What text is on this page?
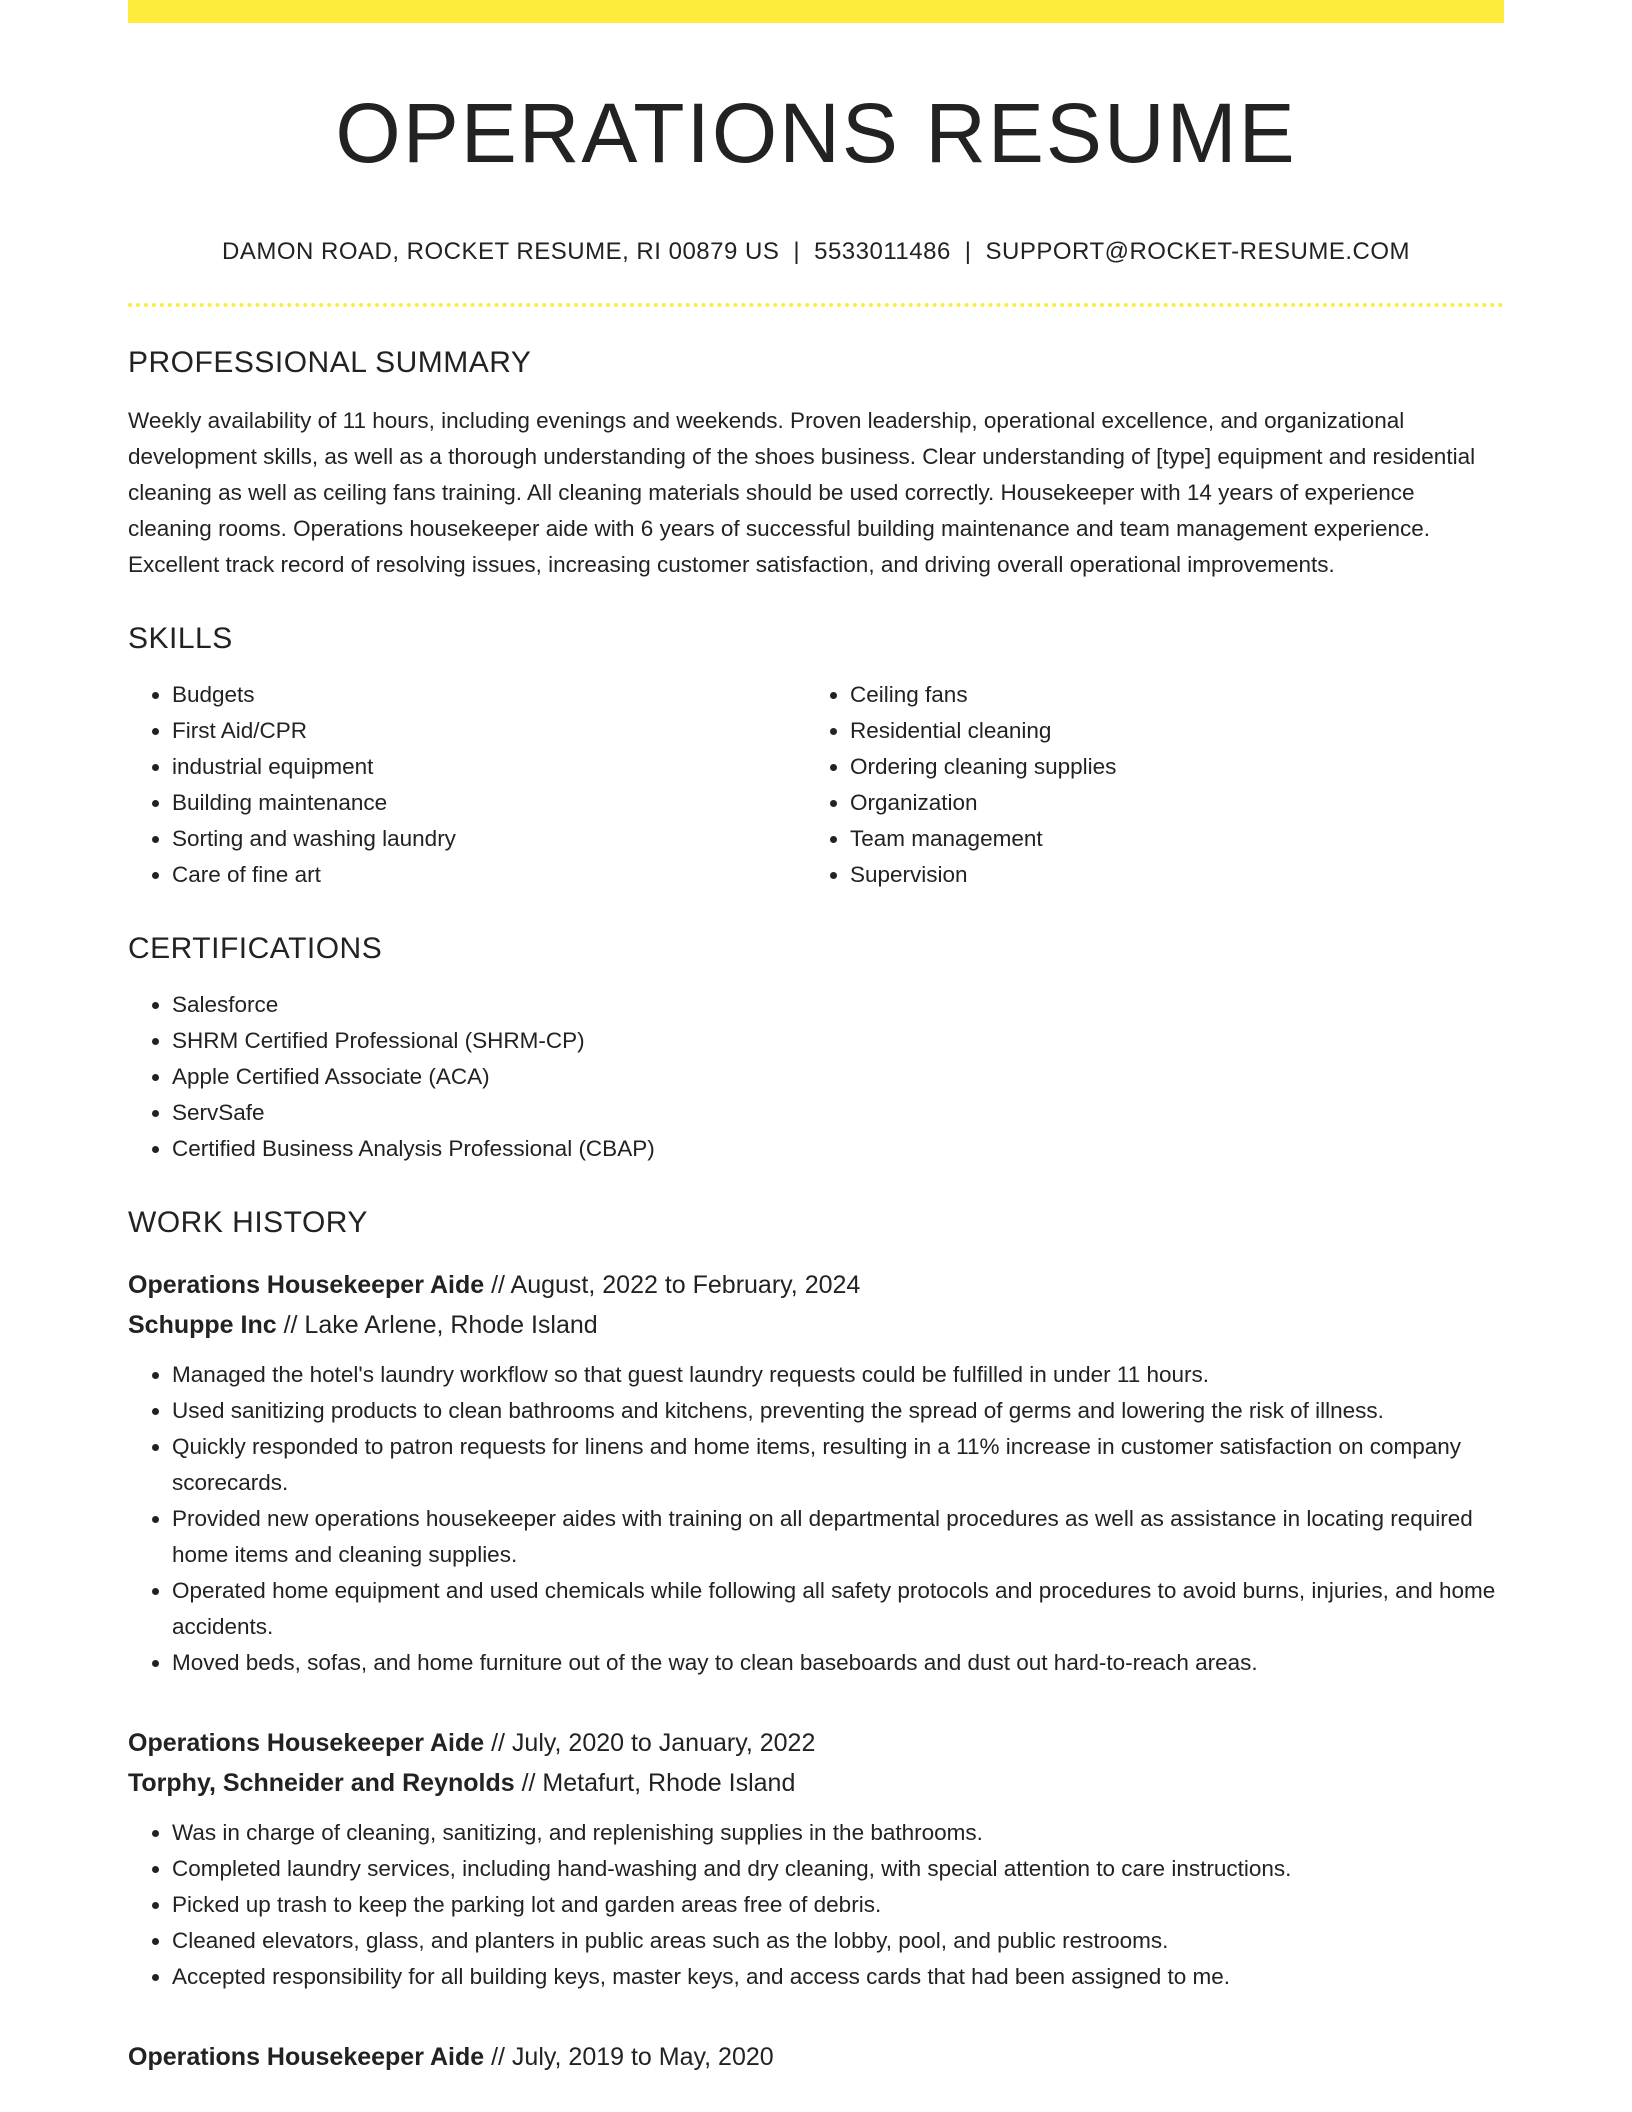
OPERATIONS RESUME
DAMON ROAD, ROCKET RESUME, RI 00879 US | 5533011486 | SUPPORT@ROCKET-RESUME.COM
PROFESSIONAL SUMMARY

Weekly availability of 11 hours, including evenings and weekends. Proven leadership, operational excellence, and organizational development skills, as well as a thorough understanding of the shoes business. Clear understanding of [type] equipment and residential cleaning as well as ceiling fans training. All cleaning materials should be used correctly. Housekeeper with 14 years of experience cleaning rooms. Operations housekeeper aide with 6 years of successful building maintenance and team management experience. Excellent track record of resolving issues, increasing customer satisfaction, and driving overall operational improvements.

SKILLS
• Budgets
• First Aid/CPR
• industrial equipment
• Building maintenance
• Sorting and washing laundry
• Care of fine art
• Ceiling fans
• Residential cleaning
• Ordering cleaning supplies
• Organization
• Team management
• Supervision
CERTIFICATIONS
• Salesforce
• SHRM Certified Professional (SHRM-CP)
• Apple Certified Associate (ACA)
• ServSafe
• Certified Business Analysis Professional (CBAP)
WORK HISTORY

Operations Housekeeper Aide // August, 2022 to February, 2024

Schuppe Inc // Lake Arlene, Rhode Island

• Managed the hotel's laundry workflow so that guest laundry requests could be fulfilled in under 11 hours.
• Used sanitizing products to clean bathrooms and kitchens, preventing the spread of germs and lowering the risk of illness.
• Quickly responded to patron requests for linens and home items, resulting in a 11% increase in customer satisfaction on company scorecards.
• Provided new operations housekeeper aides with training on all departmental procedures as well as assistance in locating required home items and cleaning supplies.
• Operated home equipment and used chemicals while following all safety protocols and procedures to avoid burns, injuries, and home accidents.
• Moved beds, sofas, and home furniture out of the way to clean baseboards and dust out hard-to-reach areas.

Operations Housekeeper Aide // July, 2020 to January, 2022

Torphy, Schneider and Reynolds // Metafurt, Rhode Island

• Was in charge of cleaning, sanitizing, and replenishing supplies in the bathrooms.
• Completed laundry services, including hand-washing and dry cleaning, with special attention to care instructions.
• Picked up trash to keep the parking lot and garden areas free of debris.
• Cleaned elevators, glass, and planters in public areas such as the lobby, pool, and public restrooms.
• Accepted responsibility for all building keys, master keys, and access cards that had been assigned to me.

Operations Housekeeper Aide // July, 2019 to May, 2020
